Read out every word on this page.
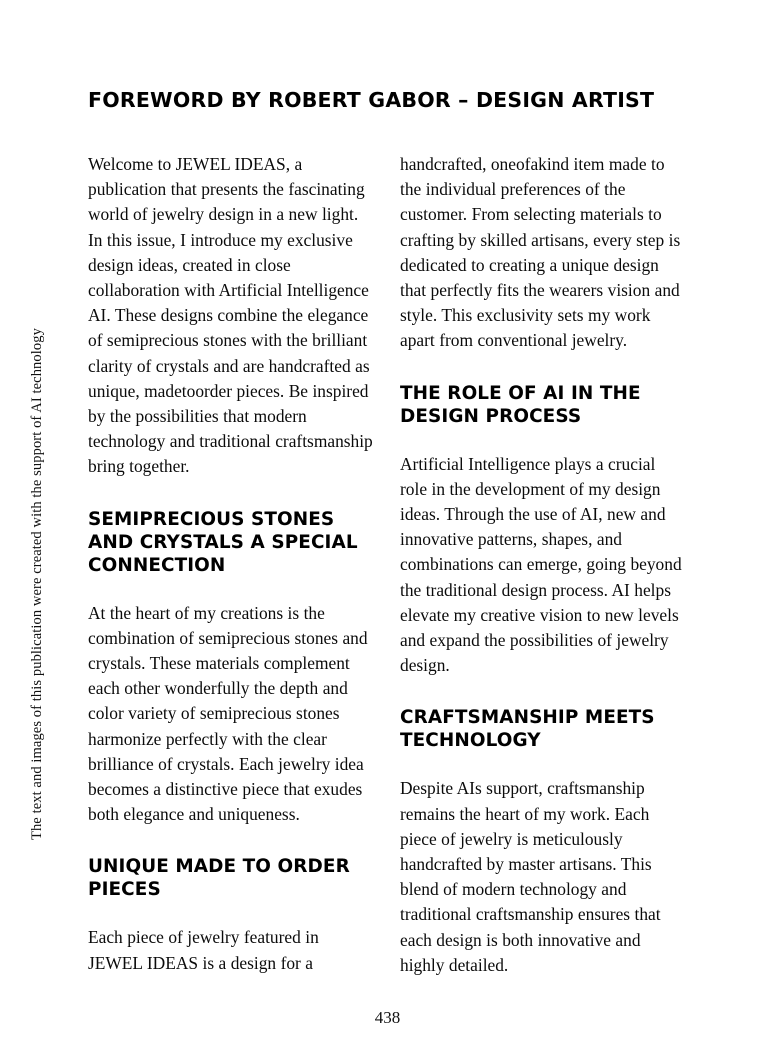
The text and images of this publication were created with the support of AI technology
FOREWORD BY ROBERT GABOR – DESIGN ARTIST

Welcome to JEWEL IDEAS, a publication that presents the fascinating world of jewelry design in a new light. In this issue, I introduce my exclusive design ideas, created in close collaboration with Artificial Intelligence AI. These designs combine the elegance of semiprecious stones with the brilliant clarity of crystals and are handcrafted as unique, madetoorder pieces. Be inspired by the possibilities that modern technology and traditional craftsmanship bring together.

SEMIPRECIOUS STONES AND CRYSTALS A SPECIAL CONNECTION

At the heart of my creations is the combination of semiprecious stones and crystals. These materials complement each other wonderfully the depth and color variety of semiprecious stones harmonize perfectly with the clear brilliance of crystals. Each jewelry idea becomes a distinctive piece that exudes both elegance and uniqueness.

UNIQUE MADE TO ORDER PIECES

Each piece of jewelry featured in JEWEL IDEAS is a design for a

handcrafted, oneofakind item made to the individual preferences of the customer. From selecting materials to crafting by skilled artisans, every step is dedicated to creating a unique design that perfectly fits the wearers vision and style. This exclusivity sets my work apart from conventional jewelry.

THE ROLE OF AI IN THE DESIGN PROCESS

Artificial Intelligence plays a crucial role in the development of my design ideas. Through the use of AI, new and innovative patterns, shapes, and combinations can emerge, going beyond the traditional design process. AI helps elevate my creative vision to new levels and expand the possibilities of jewelry design.

CRAFTSMANSHIP MEETS TECHNOLOGY

Despite AIs support, craftsmanship remains the heart of my work. Each piece of jewelry is meticulously handcrafted by master artisans. This blend of modern technology and traditional craftsmanship ensures that each design is both innovative and highly detailed.

438
